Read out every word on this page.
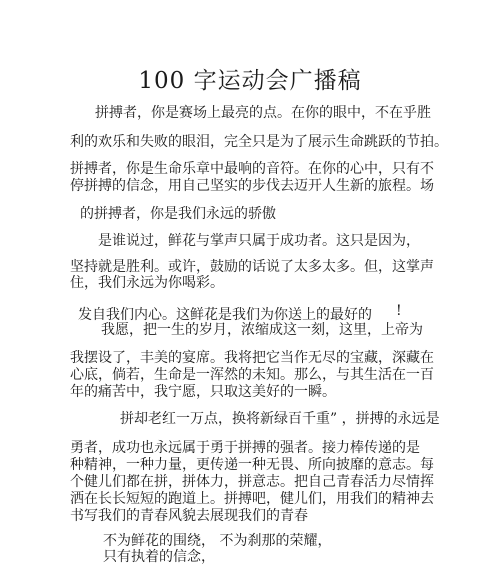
100 字运动会广播稿
拼搏者，你是赛场上最亮的点。在你的眼中，不在乎胜
利的欢乐和失败的眼泪，完全只是为了展示生命跳跃的节拍。
拼搏者，你是生命乐章中最响的音符。在你的心中，只有不
停拼搏的信念，用自己坚实的步伐去迈开人生新的旅程。场
的拼搏者，你是我们永远的骄傲
是谁说过，鲜花与掌声只属于成功者。这只是因为，
坚持就是胜利。或许，鼓励的话说了太多太多。但，这掌声
住，我们永远为你喝彩。
发自我们内心。这鲜花是我们为你送上的最好的 !
我愿，把一生的岁月，浓缩成这一刻，这里，上帝为
我摆设了，丰美的宴席。我将把它当作无尽的宝藏，深藏在
心底，倘若，生命是一浑然的未知。那么，与其生活在一百
年的痛苦中，我宁愿，只取这美好的一瞬。
拼却老红一万点，换将新绿百千重” ，拼搏的永远是
勇者，成功也永远属于勇于拼搏的强者。接力棒传递的是
种精神，一种力量，更传递一种无畏、所向披靡的意志。每
个健儿们都在拼，拼体力，拼意志。把自己青春活力尽情挥
洒在长长短短的跑道上。拼搏吧，健儿们，用我们的精神去
书写我们的青春风貌去展现我们的青春
不为鲜花的围绕， 不为刹那的荣耀，
只有执着的信念，
